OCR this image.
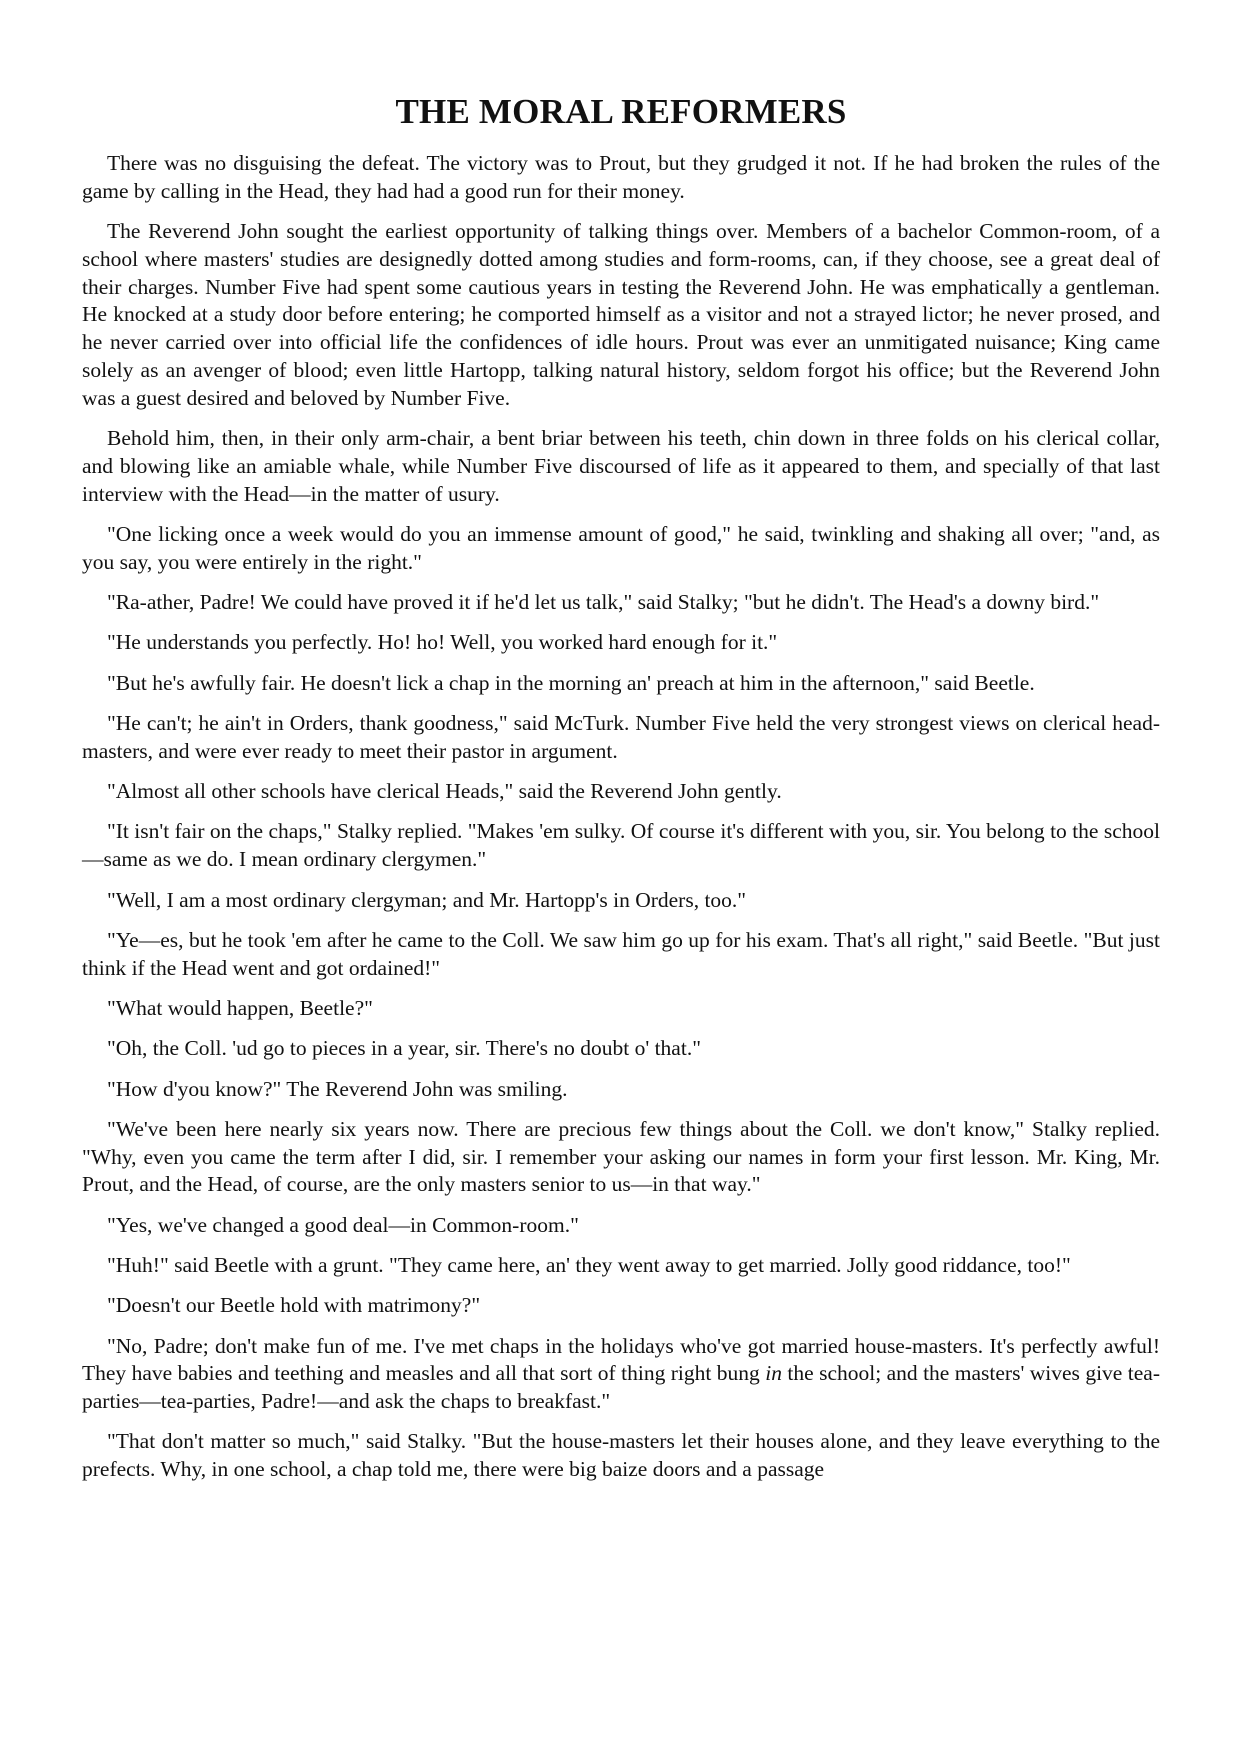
THE MORAL REFORMERS

There was no disguising the defeat. The victory was to Prout, but they grudged it not. If he had broken the rules of the game by calling in the Head, they had had a good run for their money.

The Reverend John sought the earliest opportunity of talking things over. Members of a bachelor Common-room, of a school where masters' studies are designedly dotted among studies and form-rooms, can, if they choose, see a great deal of their charges. Number Five had spent some cautious years in testing the Reverend John. He was emphatically a gentleman. He knocked at a study door before entering; he comported himself as a visitor and not a strayed lictor; he never prosed, and he never carried over into official life the confidences of idle hours. Prout was ever an unmitigated nuisance; King came solely as an avenger of blood; even little Hartopp, talking natural history, seldom forgot his office; but the Reverend John was a guest desired and beloved by Number Five.

Behold him, then, in their only arm-chair, a bent briar between his teeth, chin down in three folds on his clerical collar, and blowing like an amiable whale, while Number Five discoursed of life as it appeared to them, and specially of that last interview with the Head—in the matter of usury.

"One licking once a week would do you an immense amount of good," he said, twinkling and shaking all over; "and, as you say, you were entirely in the right."

"Ra-ather, Padre! We could have proved it if he'd let us talk," said Stalky; "but he didn't. The Head's a downy bird."

"He understands you perfectly. Ho! ho! Well, you worked hard enough for it."

"But he's awfully fair. He doesn't lick a chap in the morning an' preach at him in the afternoon," said Beetle.

"He can't; he ain't in Orders, thank goodness," said McTurk. Number Five held the very strongest views on clerical head-masters, and were ever ready to meet their pastor in argument.

"Almost all other schools have clerical Heads," said the Reverend John gently.

"It isn't fair on the chaps," Stalky replied. "Makes 'em sulky. Of course it's different with you, sir. You belong to the school—same as we do. I mean ordinary clergymen."

"Well, I am a most ordinary clergyman; and Mr. Hartopp's in Orders, too."

"Ye—es, but he took 'em after he came to the Coll. We saw him go up for his exam. That's all right," said Beetle. "But just think if the Head went and got ordained!"

"What would happen, Beetle?"

"Oh, the Coll. 'ud go to pieces in a year, sir. There's no doubt o' that."

"How d'you know?" The Reverend John was smiling.

"We've been here nearly six years now. There are precious few things about the Coll. we don't know," Stalky replied. "Why, even you came the term after I did, sir. I remember your asking our names in form your first lesson. Mr. King, Mr. Prout, and the Head, of course, are the only masters senior to us—in that way."

"Yes, we've changed a good deal—in Common-room."

"Huh!" said Beetle with a grunt. "They came here, an' they went away to get married. Jolly good riddance, too!"

"Doesn't our Beetle hold with matrimony?"

"No, Padre; don't make fun of me. I've met chaps in the holidays who've got married house-masters. It's perfectly awful! They have babies and teething and measles and all that sort of thing right bung in the school; and the masters' wives give tea-parties—tea-parties, Padre!—and ask the chaps to breakfast."

"That don't matter so much," said Stalky. "But the house-masters let their houses alone, and they leave everything to the prefects. Why, in one school, a chap told me, there were big baize doors and a passage
